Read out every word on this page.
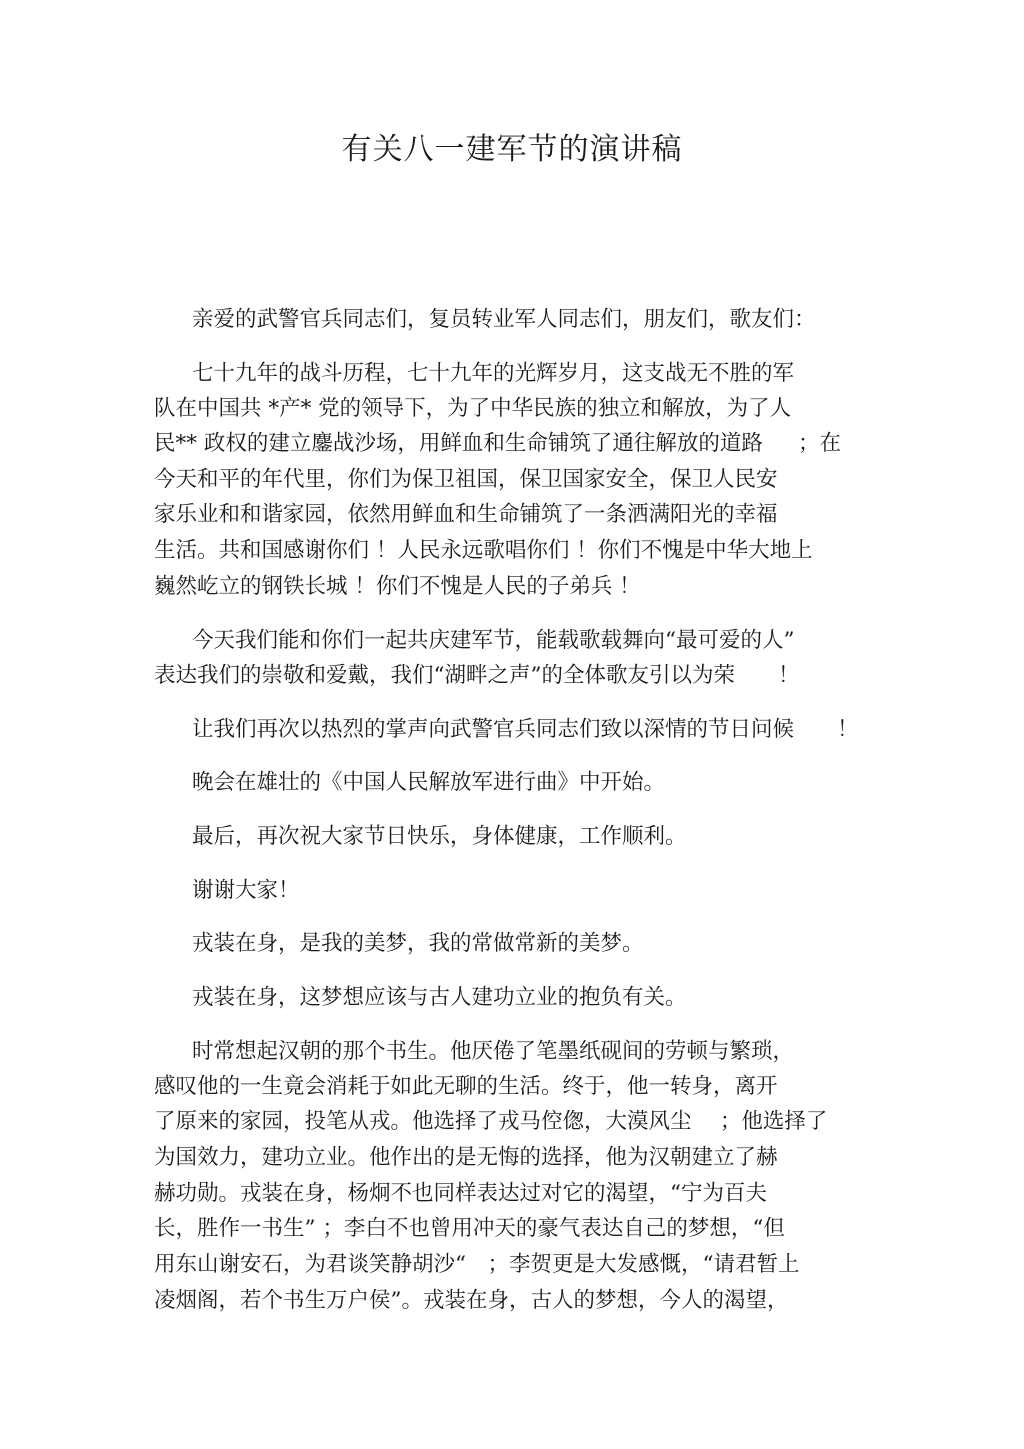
有关八一建军节的演讲稿
亲爱的武警官兵同志们，复员转业军人同志们，朋友们，歌友们：
七十九年的战斗历程，七十九年的光辉岁月，这支战无不胜的军
队在中国共 *产* 党的领导下，为了中华民族的独立和解放，为了人
民** 政权的建立鏖战沙场，用鲜血和生命铺筑了通往解放的道路　  ；在
今天和平的年代里，你们为保卫祖国，保卫国家安全，保卫人民安
家乐业和和谐家园，依然用鲜血和生命铺筑了一条洒满阳光的幸福
生活。共和国感谢你们 ！人民永远歌唱你们 ！你们不愧是中华大地上
巍然屹立的钢铁长城 ！你们不愧是人民的子弟兵 ！
今天我们能和你们一起共庆建军节，能载歌载舞向“最可爱的人”
表达我们的崇敬和爱戴，我们“湖畔之声”的全体歌友引以为荣　　！
让我们再次以热烈的掌声向武警官兵同志们致以深情的节日问候　　！
晚会在雄壮的《中国人民解放军进行曲》中开始。
最后，再次祝大家节日快乐，身体健康，工作顺利。
谢谢大家！
戎装在身，是我的美梦，我的常做常新的美梦。
戎装在身，这梦想应该与古人建功立业的抱负有关。
时常想起汉朝的那个书生。他厌倦了笔墨纸砚间的劳顿与繁琐，
感叹他的一生竟会消耗于如此无聊的生活。终于，他一转身，离开
了原来的家园，投笔从戎。他选择了戎马倥偬，大漠风尘　 ；他选择了
为国效力，建功立业。他作出的是无悔的选择，他为汉朝建立了赫
赫功勋。戎装在身，杨炯不也同样表达过对它的渴望，“宁为百夫
长，胜作一书生” ；李白不也曾用冲天的豪气表达自己的梦想，“但
用东山谢安石，为君谈笑静胡沙“　；李贺更是大发感慨，“请君暂上
凌烟阁，若个书生万户侯”。戎装在身，古人的梦想，今人的渴望，
